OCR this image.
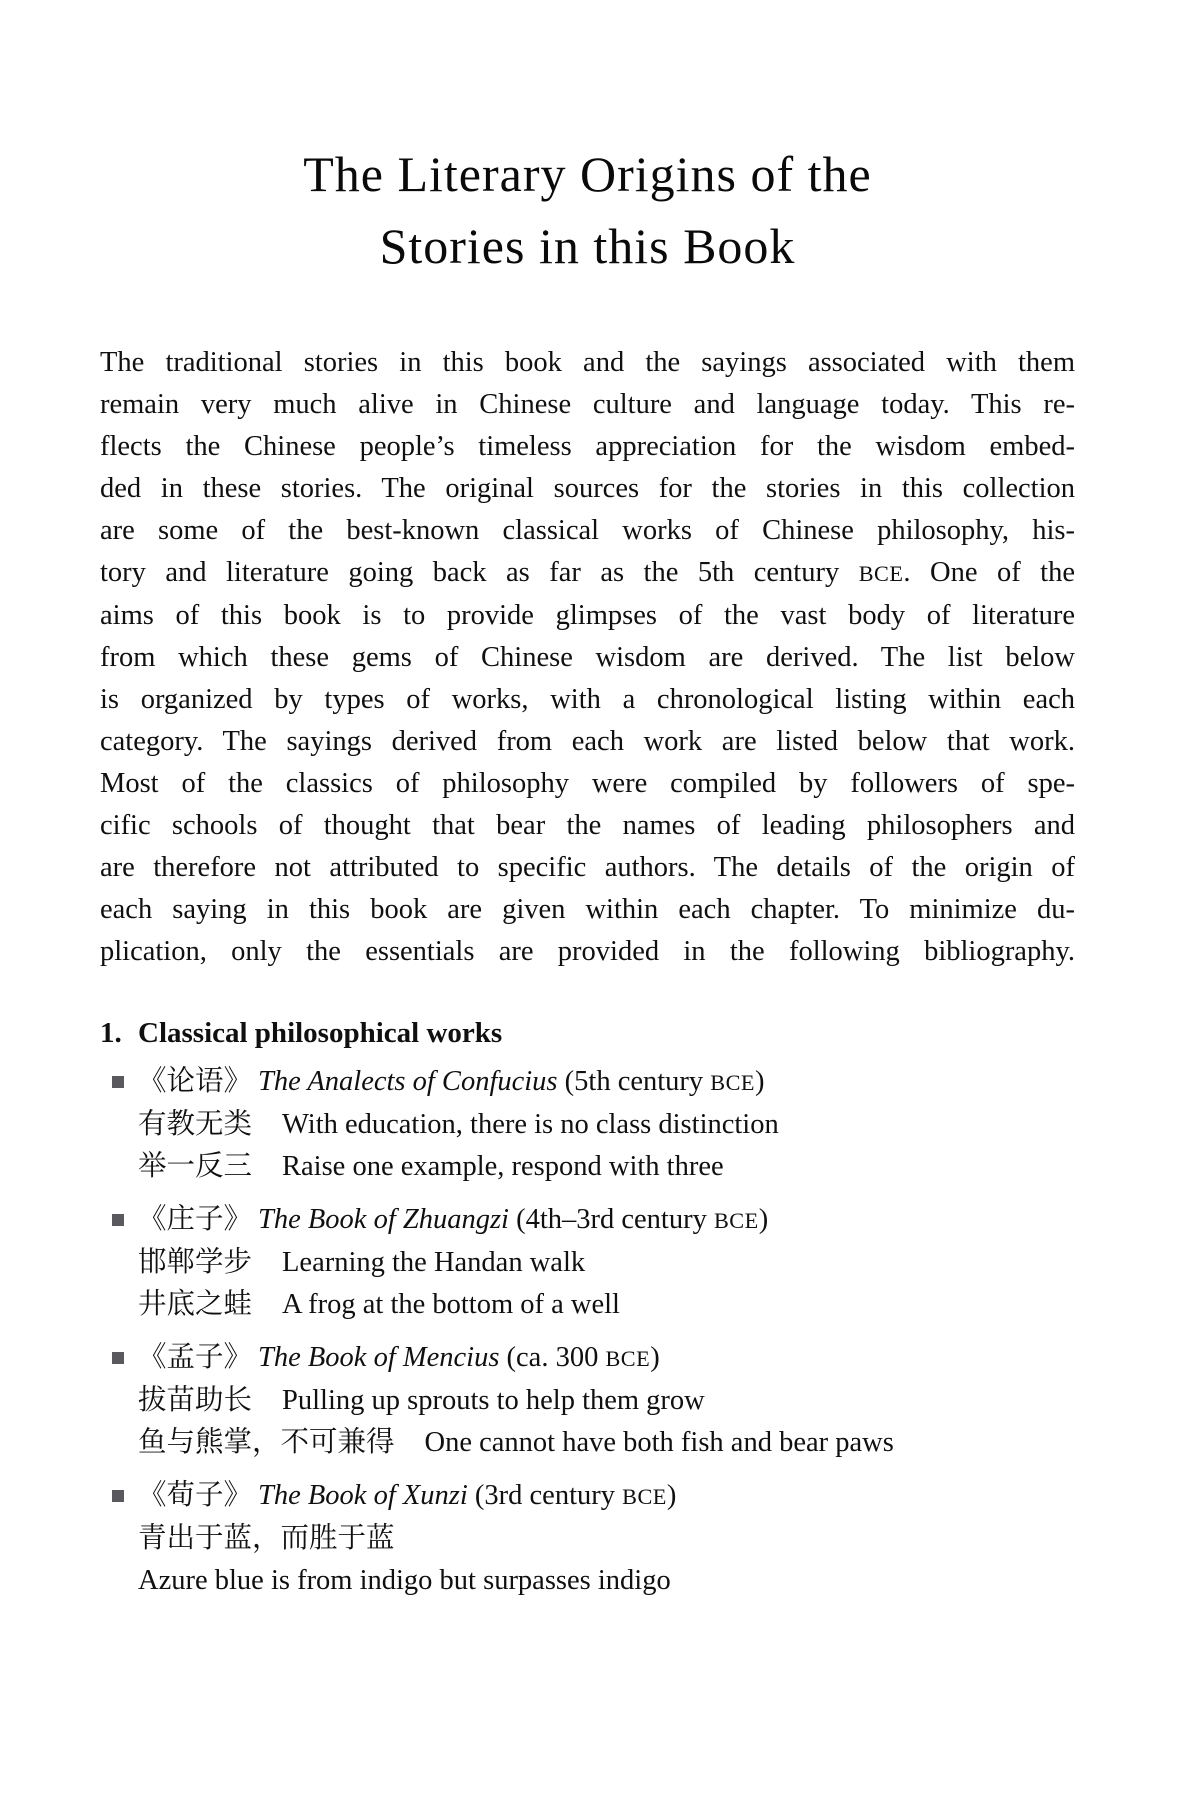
The Literary Origins of the
Stories in this Book
The traditional stories in this book and the sayings associated with them
remain very much alive in Chinese culture and language today. This re-
flects the Chinese people’s timeless appreciation for the wisdom embed-
ded in these stories. The original sources for the stories in this collection
are some of the best-known classical works of Chinese philosophy, his-
tory and literature going back as far as the 5th century BCE. One of the
aims of this book is to provide glimpses of the vast body of literature
from which these gems of Chinese wisdom are derived. The list below
is organized by types of works, with a chronological listing within each
category. The sayings derived from each work are listed below that work.
Most of the classics of philosophy were compiled by followers of spe-
cific schools of thought that bear the names of leading philosophers and
are therefore not attributed to specific authors. The details of the origin of
each saying in this book are given within each chapter. To minimize du-
plication, only the essentials are provided in the following bibliography.
1. Classical philosophical works
《论语》 The Analects of Confucius (5th century BCE)
有教无类 With education, there is no class distinction
举一反三 Raise one example, respond with three
《庄子》 The Book of Zhuangzi (4th–3rd century BCE)
邯郸学步 Learning the Handan walk
井底之蛙 A frog at the bottom of a well
《孟子》 The Book of Mencius (ca. 300 BCE)
拔苗助长 Pulling up sprouts to help them grow
鱼与熊掌，不可兼得 One cannot have both fish and bear paws
《荀子》 The Book of Xunzi (3rd century BCE)
青出于蓝，而胜于蓝
Azure blue is from indigo but surpasses indigo
